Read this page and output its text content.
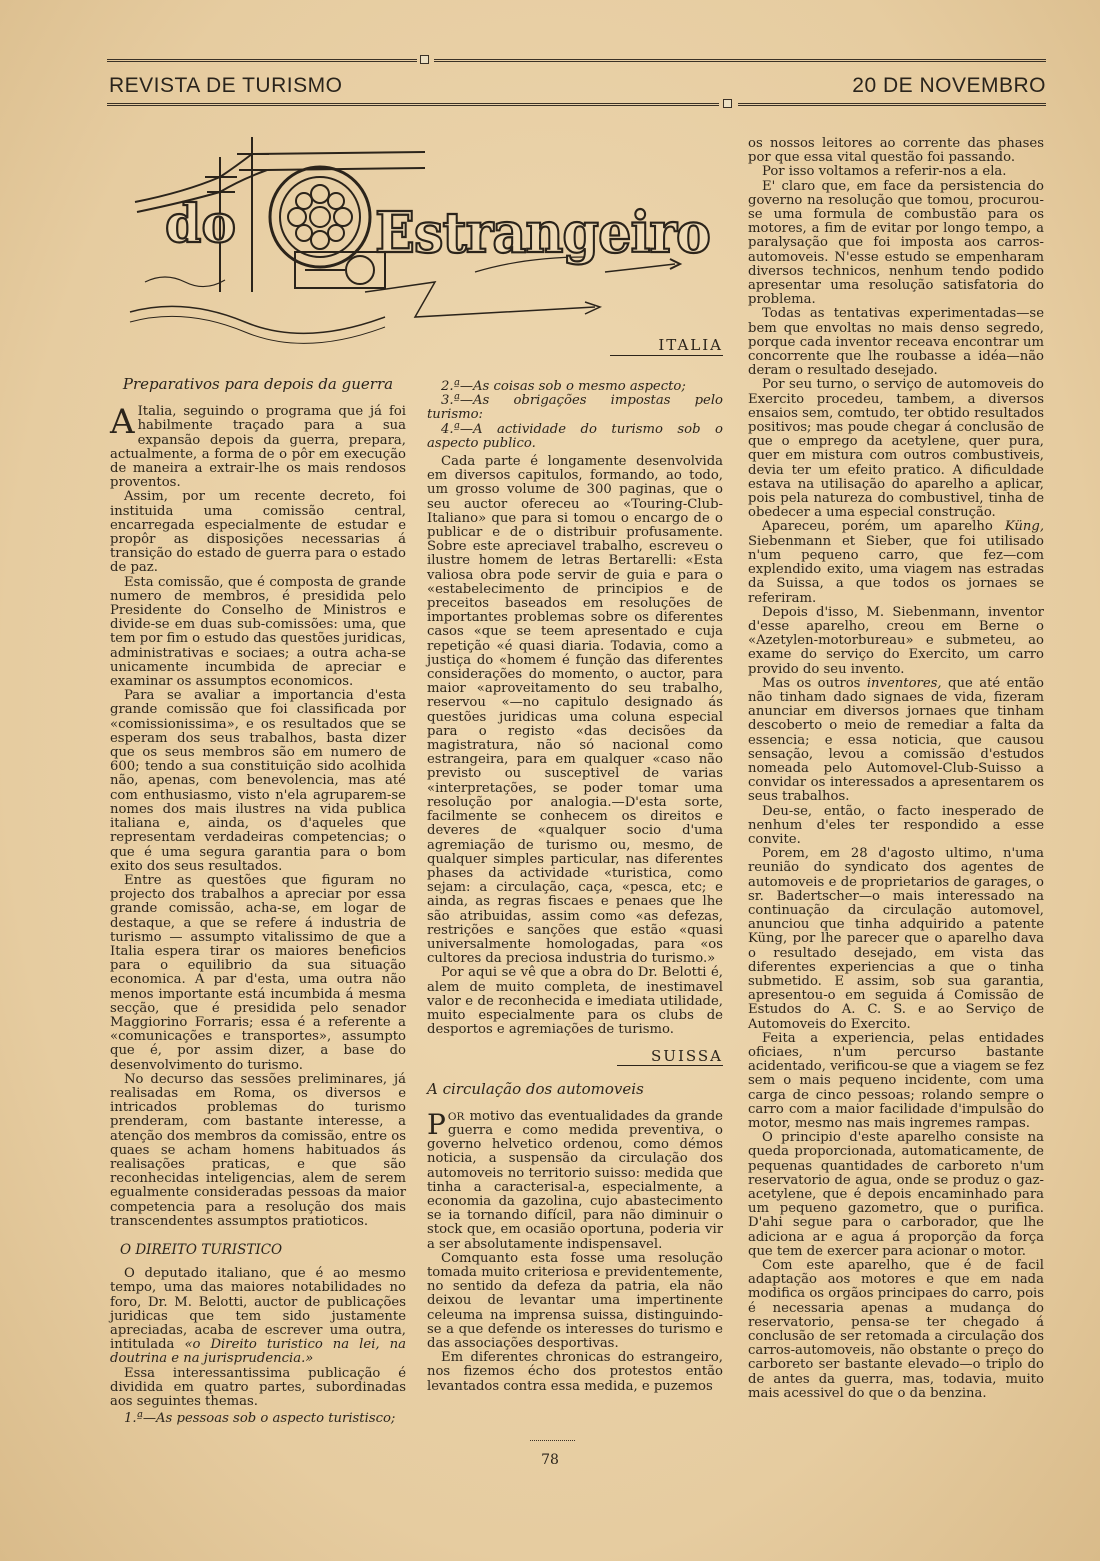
REVISTA DE TURISMO	20 DE NOVEMBRO
do Estrangeiro
ITALIA
Preparativos para depois da guerra

A Italia, seguindo o programa que já foi habilmente traçado para a sua expansão depois da guerra, prepara, actualmente, a forma de o pôr em execução de maneira a extrair-lhe os mais rendosos proventos.

Assim, por um recente decreto, foi instituida uma comissão central, encarregada especialmente de estudar e propôr as disposições necessarias á transição do estado de guerra para o estado de paz.

Esta comissão, que é composta de grande numero de membros, é presidida pelo Presidente do Conselho de Ministros e divide-se em duas sub-comissões: uma, que tem por fim o estudo das questões juridicas, administrativas e sociaes; a outra acha-se unicamente incumbida de apreciar e examinar os assumptos economicos.

Para se avaliar a importancia d'esta grande comissão que foi classificada por «comissionissima», e os resultados que se esperam dos seus trabalhos, basta dizer que os seus membros são em numero de 600; tendo a sua constituição sido acolhida não, apenas, com benevolencia, mas até com enthusiasmo, visto n'ela agruparem-se nomes dos mais ilustres na vida publica italiana e, ainda, os d'aqueles que representam verdadeiras competencias; o que é uma segura garantia para o bom exito dos seus resultados.

Entre as questões que figuram no projecto dos trabalhos a apreciar por essa grande comissão, acha-se, em logar de destaque, a que se refere á industria de turismo — assumpto vitalissimo de que a Italia espera tirar os maiores beneficios para o equilibrio da sua situação economica. A par d'esta, uma outra não menos importante está incumbida á mesma secção, que é presidida pelo senador Maggiorino Forraris; essa é a referente a «comunicações e transportes», assumpto que é, por assim dizer, a base do desenvolvimento do turismo.

No decurso das sessões preliminares, já realisadas em Roma, os diversos e intricados problemas do turismo prenderam, com bastante interesse, a atenção dos membros da comissão, entre os quaes se acham homens habituados ás realisações praticas, e que são reconhecidas inteligencias, alem de serem egualmente consideradas pessoas da maior competencia para a resolução dos mais transcendentes assumptos pratioticos.

O DIREITO TURISTICO

O deputado italiano, que é ao mesmo tempo, uma das maiores notabilidades no foro, Dr. M. Belotti, auctor de publicações juridicas que tem sido justamente apreciadas, acaba de escrever uma outra, intitulada «o Direito turistico na lei, na doutrina e na jurisprudencia.»

Essa interessantissima publicação é dividida em quatro partes, subordinadas aos seguintes themas.

1.ª—As pessoas sob o aspecto turistisco;

2.ª—As coisas sob o mesmo aspecto;

3.ª—As obrigações impostas pelo turismo:

4.ª—A actividade do turismo sob o aspecto publico.

Cada parte é longamente desenvolvida em diversos capitulos, formando, ao todo, um grosso volume de 300 paginas, que o seu auctor ofereceu ao «Touring-Club-Italiano» que para si tomou o encargo de o publicar e de o distribuir profusamente. Sobre este apreciavel trabalho, escreveu o ilustre homem de letras Bertarelli: «Esta valiosa obra pode servir de guia e para o «estabelecimento de principios e de preceitos baseados em resoluções de importantes problemas sobre os diferentes casos «que se teem apresentado e cuja repetição «é quasi diaria. Todavia, como a justiça do «homem é função das diferentes considerações do momento, o auctor, para maior «aproveitamento do seu trabalho, reservou «—no capitulo designado ás questões juridicas uma coluna especial para o registo «das decisões da magistratura, não só nacional como estrangeira, para em qualquer «caso não previsto ou susceptivel de varias «interpretações, se poder tomar uma resolução por analogia.—D'esta sorte, facilmente se conhecem os direitos e deveres de «qualquer socio d'uma agremiação de turismo ou, mesmo, de qualquer simples particular, nas diferentes phases da actividade «turistica, como sejam: a circulação, caça, «pesca, etc; e ainda, as regras fiscaes e penaes que lhe são atribuidas, assim como «as defezas, restrições e sanções que estão «quasi universalmente homologadas, para «os cultores da preciosa industria do turismo.»

Por aqui se vê que a obra do Dr. Belotti é, alem de muito completa, de inestimavel valor e de reconhecida e imediata utilidade, muito especialmente para os clubs de desportos e agremiações de turismo.

SUISSA
A circulação dos automoveis

POR motivo das eventualidades da grande guerra e como medida preventiva, o governo helvetico ordenou, como démos noticia, a suspensão da circulação dos automoveis no territorio suisso: medida que tinha a caracterisal-a, especialmente, a economia da gazolina, cujo abastecimento se ia tornando difícil, para não diminuir o stock que, em ocasião oportuna, poderia vir a ser absolutamente indispensavel.

Comquanto esta fosse uma resolução tomada muito criteriosa e previdentemente, no sentido da defeza da patria, ela não deixou de levantar uma impertinente celeuma na imprensa suissa, distinguindo-se a que defende os interesses do turismo e das associações desportivas.

Em diferentes chronicas do estrangeiro, nos fizemos écho dos protestos então levantados contra essa medida, e puzemos

os nossos leitores ao corrente das phases por que essa vital questão foi passando.

Por isso voltamos a referir-nos a ela.

E' claro que, em face da persistencia do governo na resolução que tomou, procurou-se uma formula de combustão para os motores, a fim de evitar por longo tempo, a paralysação que foi imposta aos carros-automoveis. N'esse estudo se empenharam diversos technicos, nenhum tendo podido apresentar uma resolução satisfatoria do problema.

Todas as tentativas experimentadas—se bem que envoltas no mais denso segredo, porque cada inventor receava encontrar um concorrente que lhe roubasse a idéa—não deram o resultado desejado.

Por seu turno, o serviço de automoveis do Exercito procedeu, tambem, a diversos ensaios sem, comtudo, ter obtido resultados positivos; mas poude chegar á conclusão de que o emprego da acetylene, quer pura, quer em mistura com outros combustiveis, devia ter um efeito pratico. A dificuldade estava na utilisação do aparelho a aplicar, pois pela natureza do combustivel, tinha de obedecer a uma especial construção.

Apareceu, porém, um aparelho Küng, Siebenmann et Sieber, que foi utilisado n'um pequeno carro, que fez—com explendido exito, uma viagem nas estradas da Suissa, a que todos os jornaes se referiram.

Depois d'isso, M. Siebenmann, inventor d'esse aparelho, creou em Berne o «Azetylen-motorbureau» e submeteu, ao exame do serviço do Exercito, um carro provido do seu invento.

Mas os outros inventores, que até então não tinham dado signaes de vida, fizeram anunciar em diversos jornaes que tinham descoberto o meio de remediar a falta da essencia; e essa noticia, que causou sensação, levou a comissão d'estudos nomeada pelo Automovel-Club-Suisso a convidar os interessados a apresentarem os seus trabalhos.

Deu-se, então, o facto inesperado de nenhum d'eles ter respondido a esse convite.

Porem, em 28 d'agosto ultimo, n'uma reunião do syndicato dos agentes de automoveis e de proprietarios de garages, o sr. Badertscher—o mais interessado na continuação da circulação automovel, anunciou que tinha adquirido a patente Küng, por lhe parecer que o aparelho dava o resultado desejado, em vista das diferentes experiencias a que o tinha submetido. E assim, sob sua garantia, apresentou-o em seguida á Comissão de Estudos do A. C. S. e ao Serviço de Automoveis do Exercito.

Feita a experiencia, pelas entidades oficiaes, n'um percurso bastante acidentado, verificou-se que a viagem se fez sem o mais pequeno incidente, com uma carga de cinco pessoas; rolando sempre o carro com a maior facilidade d'impulsão do motor, mesmo nas mais ingremes rampas.

O principio d'este aparelho consiste na queda proporcionada, automaticamente, de pequenas quantidades de carboreto n'um reservatorio de agua, onde se produz o gaz-acetylene, que é depois encaminhado para um pequeno gazometro, que o purifica. D'ahi segue para o carborador, que lhe adiciona ar e agua á proporção da força que tem de exercer para acionar o motor.

Com este aparelho, que é de facil adaptação aos motores e que em nada modifica os orgãos principaes do carro, pois é necessaria apenas a mudança do reservatorio, pensa-se ter chegado á conclusão de ser retomada a circulação dos carros-automoveis, não obstante o preço do carboreto ser bastante elevado—o triplo do de antes da guerra, mas, todavia, muito mais acessivel do que o da benzina.

78
